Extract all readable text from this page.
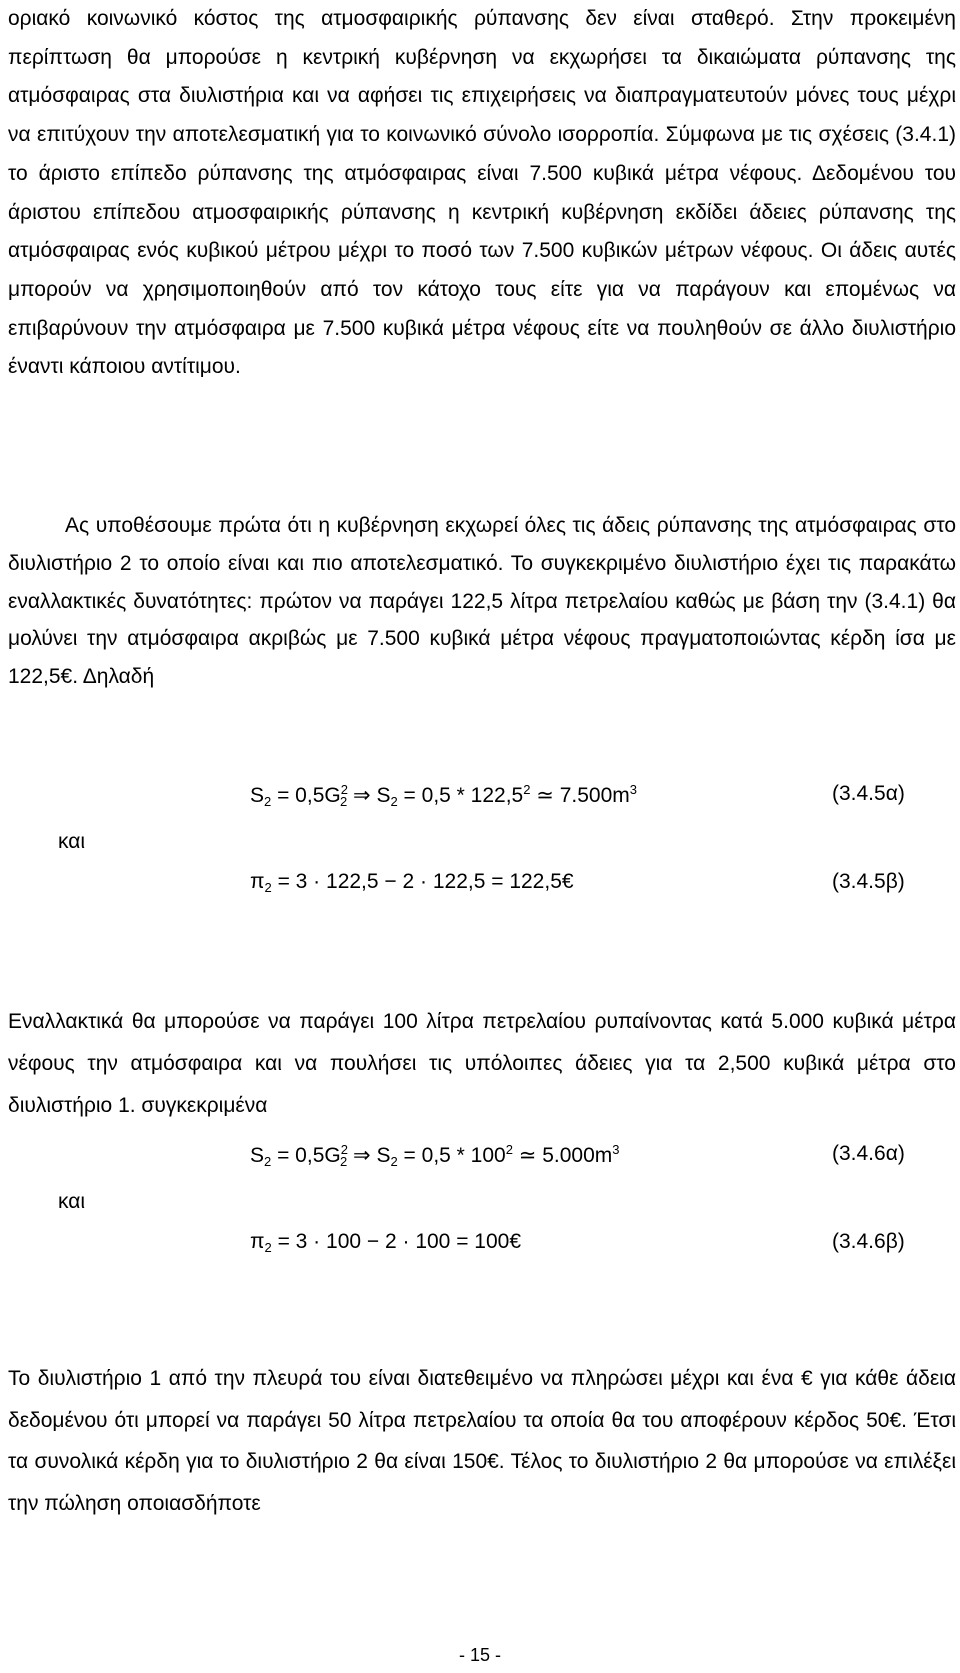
οριακό κοινωνικό κόστος της ατμοσφαιρικής ρύπανσης δεν είναι σταθερό. Στην προκειμένη περίπτωση θα μπορούσε η κεντρική κυβέρνηση να εκχωρήσει τα δικαιώματα ρύπανσης της ατμόσφαιρας στα διυλιστήρια και να αφήσει τις επιχειρήσεις να διαπραγματευτούν μόνες τους μέχρι να επιτύχουν την αποτελεσματική για το κοινωνικό σύνολο ισορροπία. Σύμφωνα με τις σχέσεις (3.4.1) το άριστο επίπεδο ρύπανσης της ατμόσφαιρας είναι 7.500 κυβικά μέτρα νέφους. Δεδομένου του άριστου επίπεδου ατμοσφαιρικής ρύπανσης η κεντρική κυβέρνηση εκδίδει άδειες ρύπανσης της ατμόσφαιρας ενός κυβικού μέτρου μέχρι το ποσό των 7.500 κυβικών μέτρων νέφους. Οι άδεις αυτές μπορούν να χρησιμοποιηθούν από τον κάτοχο τους είτε για να παράγουν και επομένως να επιβαρύνουν την ατμόσφαιρα με 7.500 κυβικά μέτρα νέφους είτε να πουληθούν σε άλλο διυλιστήριο έναντι κάποιου αντίτιμου.

Ας υποθέσουμε πρώτα ότι η κυβέρνηση εκχωρεί όλες τις άδεις ρύπανσης της ατμόσφαιρας στο διυλιστήριο 2 το οποίο είναι και πιο αποτελεσματικό. Το συγκεκριμένο διυλιστήριο έχει τις παρακάτω εναλλακτικές δυνατότητες: πρώτον να παράγει 122,5 λίτρα πετρελαίου καθώς με βάση την (3.4.1) θα μολύνει την ατμόσφαιρα ακριβώς με 7.500 κυβικά μέτρα νέφους πραγματοποιώντας κέρδη ίσα με 122,5€. Δηλαδή

$S_2 = 0,5G^2_2$ ⇒ $S_2 = 0,5 * 122,5^2$ ≃ $7.500m^3$	(3.4.5α)
και
$\pi_2 = 3 \cdot 122,5 - 2 \cdot 122,5$ = 122,5€	(3.4.5β)

Εναλλακτικά θα μπορούσε να παράγει 100 λίτρα πετρελαίου ρυπαίνοντας κατά 5.000 κυβικά μέτρα νέφους την ατμόσφαιρα και να πουλήσει τις υπόλοιπες άδειες για τα 2,500 κυβικά μέτρα στο διυλιστήριο 1. συγκεκριμένα

$S_2 = 0,5G^2_2$ ⇒ $S_2 = 0,5 * 100^2$ ≃ $5.000m^3$	(3.4.6α)
και
$\pi_2 = 3 \cdot 100 - 2 \cdot 100$ = 100€	(3.4.6β)

Το διυλιστήριο 1 από την πλευρά του είναι διατεθειμένο να πληρώσει μέχρι και ένα € για κάθε άδεια δεδομένου ότι μπορεί να παράγει 50 λίτρα πετρελαίου τα οποία θα του αποφέρουν κέρδος 50€. Έτσι τα συνολικά κέρδη για το διυλιστήριο 2 θα είναι 150€. Τέλος το διυλιστήριο 2 θα μπορούσε να επιλέξει την πώληση οποιασδήποτε

- 15 -
